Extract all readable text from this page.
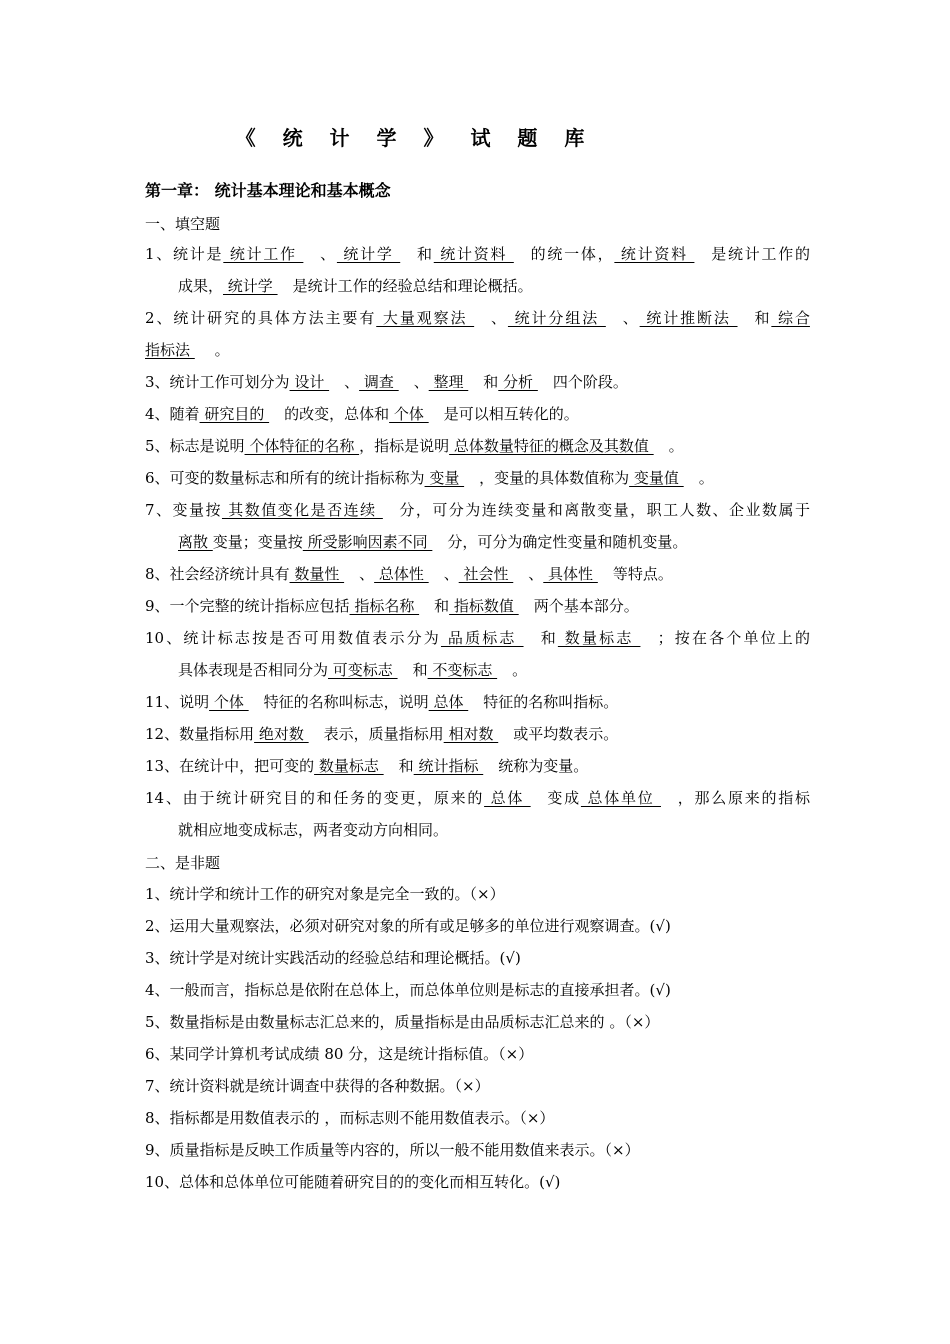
《 统 计 学 》 试 题 库
第一章： 统计基本理论和基本概念
一、填空题
1、统计是 统计工作 　、 统计学 　和 统计资料 　的统一体， 统计资料 　是统计工作的
成果， 统计学 　是统计工作的经验总结和理论概括。
2、统计研究的具体方法主要有 大量观察法 　、 统计分组法 　、 统计推断法 　和 综合
指标法 　 。
3、统计工作可划分为 设计 　、 调查 　、 整理 　和 分析 　四个阶段。
4、随着 研究目的 　的改变，总体和 个体 　是可以相互转化的。
5、标志是说明 个体特征的名称 ，指标是说明 总体数量特征的概念及其数值 　。
6、可变的数量标志和所有的统计指标称为 变量 　，变量的具体数值称为 变量值 　。
7、变量按 其数值变化是否连续 　分，可分为连续变量和离散变量，职工人数、企业数属于
离散 变量；变量按 所受影响因素不同 　分，可分为确定性变量和随机变量。
8、社会经济统计具有 数量性 　、 总体性 　、 社会性 　、 具体性 　等特点。
9、一个完整的统计指标应包括 指标名称 　和 指标数值 　两个基本部分。
10、统计标志按是否可用数值表示分为 品质标志 　和 数量标志 　；按在各个单位上的
具体表现是否相同分为 可变标志 　和 不变标志 　。
11、说明 个体 　特征的名称叫标志，说明 总体 　特征的名称叫指标。
12、数量指标用 绝对数 　表示，质量指标用 相对数 　或平均数表示。
13、在统计中，把可变的 数量标志 　和 统计指标 　统称为变量。
14、由于统计研究目的和任务的变更，原来的 总体 　变成 总体单位 　，那么原来的指标
就相应地变成标志，两者变动方向相同。
二、是非题
1、统计学和统计工作的研究对象是完全一致的。（×）
2、运用大量观察法，必须对研究对象的所有或足够多的单位进行观察调查。(√)
3、统计学是对统计实践活动的经验总结和理论概括。(√)
4、一般而言，指标总是依附在总体上，而总体单位则是标志的直接承担者。(√)
5、数量指标是由数量标志汇总来的，质量指标是由品质标志汇总来的 。（×）
6、某同学计算机考试成绩 80 分，这是统计指标值。（×）
7、统计资料就是统计调查中获得的各种数据。（×）
8、指标都是用数值表示的 ，而标志则不能用数值表示。（×）
9、质量指标是反映工作质量等内容的，所以一般不能用数值来表示。（×）
10、总体和总体单位可能随着研究目的的变化而相互转化。(√)
